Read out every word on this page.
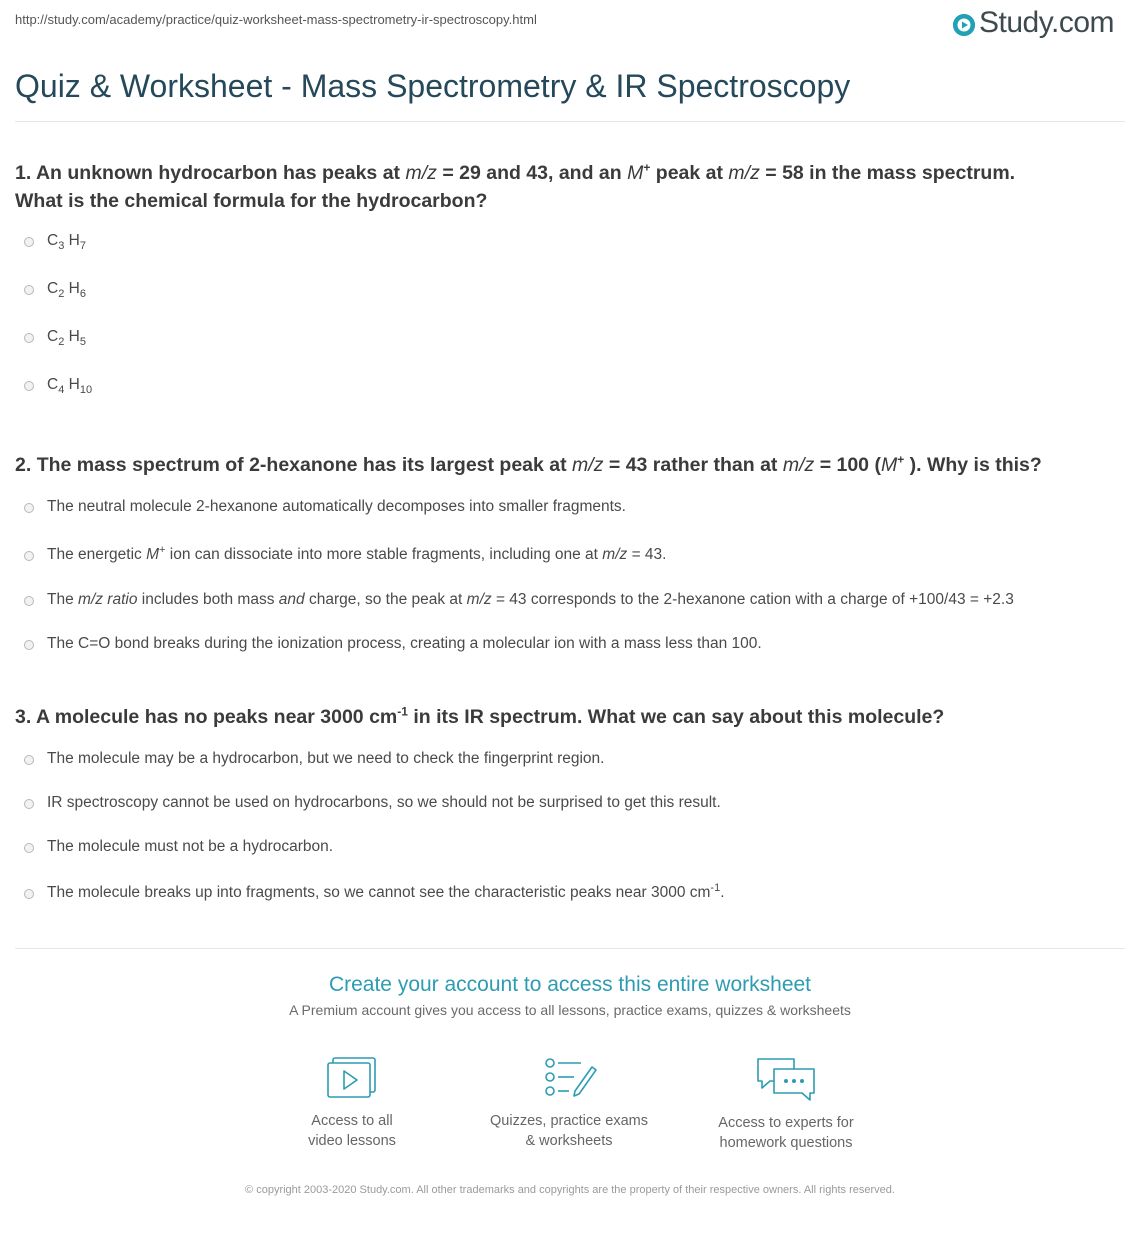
http://study.com/academy/practice/quiz-worksheet-mass-spectrometry-ir-spectroscopy.html	Study.com
Quiz & Worksheet - Mass Spectrometry & IR Spectroscopy

1. An unknown hydrocarbon has peaks at m/z = 29 and 43, and an M+ peak at m/z = 58 in the mass spectrum.
What is the chemical formula for the hydrocarbon?

$C_3$ $H_7$
$C_2$ $H_6$
$C_2$ $H_5$
$C_4$ $H_{10}$

2. The mass spectrum of 2-hexanone has its largest peak at m/z = 43 rather than at m/z = 100 (M+ ). Why is this?

The neutral molecule 2-hexanone automatically decomposes into smaller fragments.
The energetic M+ ion can dissociate into more stable fragments, including one at m/z = 43.
The m/z ratio includes both mass and charge, so the peak at m/z = 43 corresponds to the 2-hexanone cation with a charge of +100/43 = +2.3
The C=O bond breaks during the ionization process, creating a molecular ion with a mass less than 100.

3. A molecule has no peaks near 3000 $cm^{-1}$ in its IR spectrum. What we can say about this molecule?

The molecule may be a hydrocarbon, but we need to check the fingerprint region.
IR spectroscopy cannot be used on hydrocarbons, so we should not be surprised to get this result.
The molecule must not be a hydrocarbon.
The molecule breaks up into fragments, so we cannot see the characteristic peaks near 3000 $cm^{-1}$.
Create your account to access this entire worksheet
A Premium account gives you access to all lessons, practice exams, quizzes & worksheets
Access to all
video lessons
Quizzes, practice exams
& worksheets
Access to experts for
homework questions
© copyright 2003-2020 Study.com. All other trademarks and copyrights are the property of their respective owners. All rights reserved.
